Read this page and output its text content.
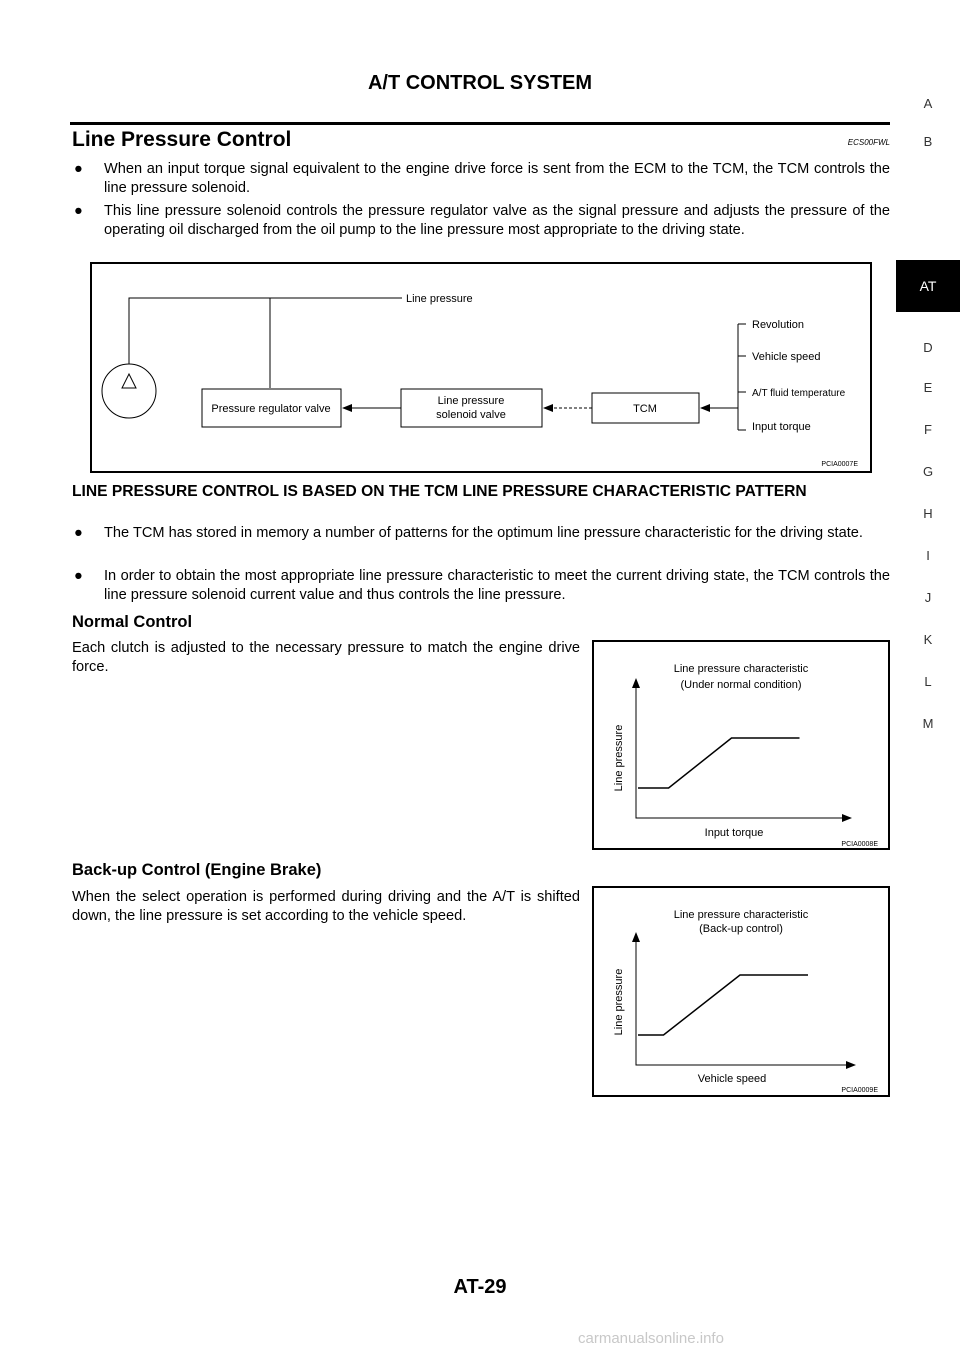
A/T CONTROL SYSTEM
Line Pressure Control	ECS00FWL
● When an input torque signal equivalent to the engine drive force is sent from the ECM to the TCM, the TCM controls the line pressure solenoid.
● This line pressure solenoid controls the pressure regulator valve as the signal pressure and adjusts the pressure of the operating oil discharged from the oil pump to the line pressure most appropriate to the driving state.
Line pressure
Pressure regulator valve
Line pressure
solenoid valve	TCM
Revolution
Vehicle speed
A/T fluid temperature
Input torque
PCIA0007E
LINE PRESSURE CONTROL IS BASED ON THE TCM LINE PRESSURE CHARACTERISTIC PATTERN
● The TCM has stored in memory a number of patterns for the optimum line pressure characteristic for the driving state.
● In order to obtain the most appropriate line pressure characteristic to meet the current driving state, the TCM controls the line pressure solenoid current value and thus controls the line pressure.
Normal Control
Each clutch is adjusted to the necessary pressure to match the engine drive force.	Line pressure characteristic
(Under normal condition)
Line pressure
Input torque
PCIA0008E
Back-up Control (Engine Brake)
When the select operation is performed during driving and the A/T is shifted down, the line pressure is set according to the vehicle speed.	Line pressure characteristic
(Back-up control)
Line pressure
Vehicle speed
PCIA0009E
AT-29
carmanualsonline.info
A
B
AT
D
E
F
G
H
I
J
K
L
M
